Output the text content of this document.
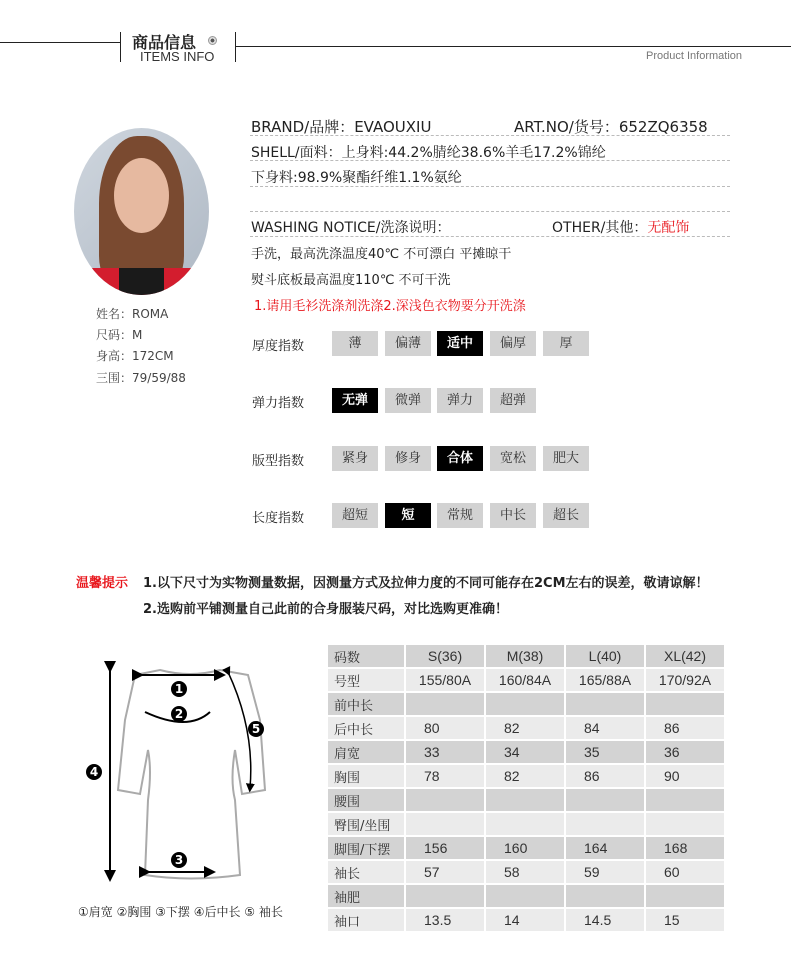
商品信息
ITEMS INFO	Product Information
姓名：ROMA
尺码：M
身高：172CM
三围：79/59/88
BRAND/品牌：EVAOUXIU	ART.NO/货号：652ZQ6358
SHELL/面料：上身料:44.2%腈纶38.6%羊毛17.2%锦纶
下身料:98.9%聚酯纤维1.1%氨纶
WASHING NOTICE/洗涤说明：	OTHER/其他：无配饰
手洗，最高洗涤温度40℃ 不可漂白 平摊晾干
熨斗底板最高温度110℃ 不可干洗
1.请用毛衫洗涤剂洗涤2.深浅色衣物要分开洗涤
厚度指数	薄	偏薄	适中	偏厚	厚
弹力指数	无弹	微弹	弹力	超弹
版型指数	紧身	修身	合体	宽松	肥大
长度指数	超短	短	常规	中长	超长
温馨提示 1.以下尺寸为实物测量数据，因测量方式及拉伸力度的不同可能存在2CM左右的误差，敬请谅解！
2.选购前平铺测量自己此前的合身服装尺码，对比选购更准确！
1
2
3
4
5
①肩宽 ②胸围 ③下摆 ④后中长 ⑤ 袖长
码数	S(36)	M(38)	L(40)	XL(42)
号型	155/80A	160/84A	165/88A	170/92A
前中长				
后中长	80	82	84	86
肩宽	33	34	35	36
胸围	78	82	86	90
腰围				
臀围/坐围				
脚围/下摆	156	160	164	168
袖长	57	58	59	60
袖肥				
袖口	13.5	14	14.5	15
